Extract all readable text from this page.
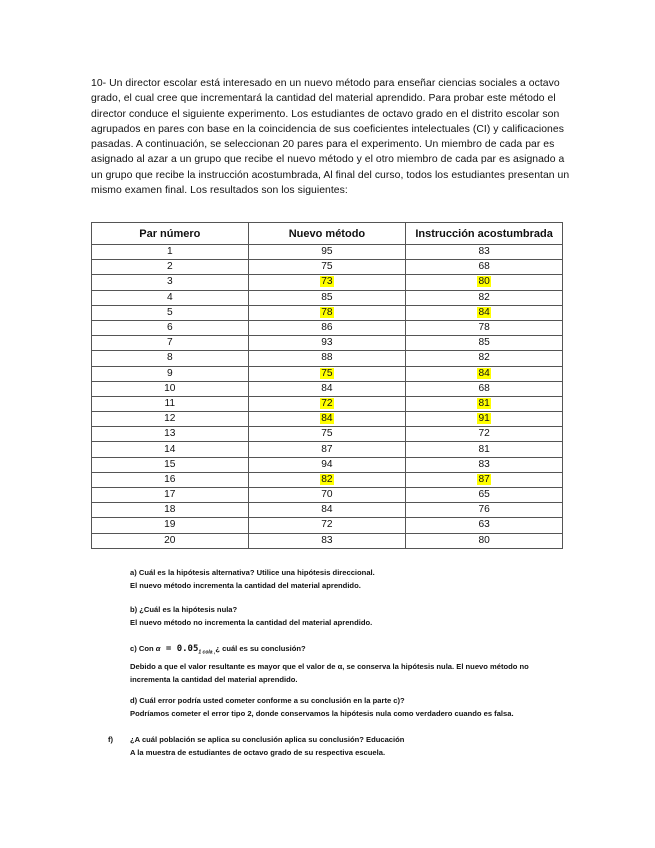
10- Un director escolar está interesado en un nuevo método para enseñar ciencias sociales a octavo grado, el cual cree que incrementará la cantidad del material aprendido. Para probar este método el director conduce el siguiente experimento. Los estudiantes de octavo grado en el distrito escolar son agrupados en pares con base en la coincidencia de sus coeficientes intelectuales (CI) y calificaciones pasadas. A continuación, se seleccionan 20 pares para el experimento. Un miembro de cada par es asignado al azar a un grupo que recibe el nuevo método y el otro miembro de cada par es asignado a un grupo que recibe la instrucción acostumbrada, Al final del curso, todos los estudiantes presentan un mismo examen final. Los resultados son los siguientes:
Par número	Nuevo método	Instrucción acostumbrada
1	95	83
2	75	68
3	73	80
4	85	82
5	78	84
6	86	78
7	93	85
8	88	82
9	75	84
10	84	68
11	72	81
12	84	91
13	75	72
14	87	81
15	94	83
16	82	87
17	70	65
18	84	76
19	72	63
20	83	80
a) Cuál es la hipótesis alternativa? Utilice una hipótesis direccional.
El nuevo método incrementa la cantidad del material aprendido.
b) ¿Cuál es la hipótesis nula?
El nuevo método no incrementa la cantidad del material aprendido.
c) Con $\alpha = 0.05_{1 cola ,}¿$ cuál es su conclusión?
Debido a que el valor resultante es mayor que el valor de α, se conserva la hipótesis nula. El nuevo método no
incrementa la cantidad del material aprendido.
d) Cuál error podría usted cometer conforme a su conclusión en la parte c)?
Podríamos cometer el error tipo 2, donde conservamos la hipótesis nula como verdadero cuando es falsa.
f) ¿A cuál población se aplica su conclusión aplica su conclusión? Educación
A la muestra de estudiantes de octavo grado de su respectiva escuela.
